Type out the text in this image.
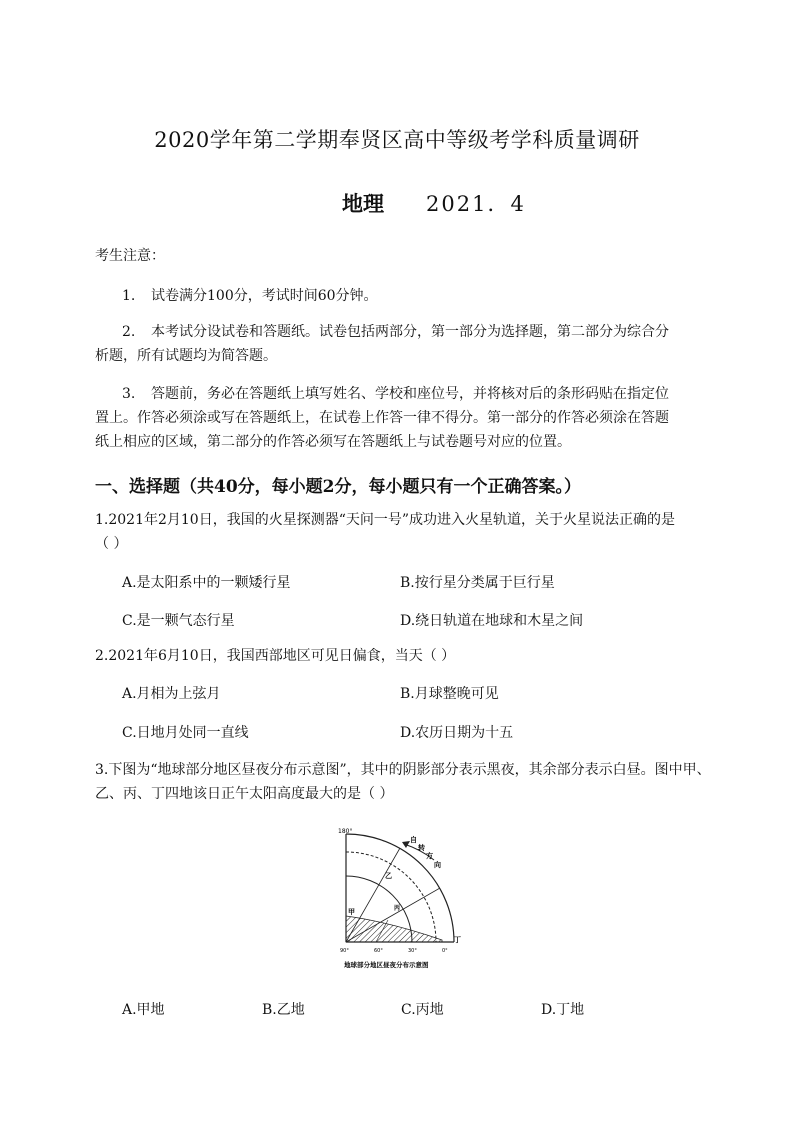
2020学年第二学期奉贤区高中等级考学科质量调研
地理 2021．4
考生注意：
1. 试卷满分100分，考试时间60分钟。
2. 本考试分设试卷和答题纸。试卷包括两部分，第一部分为选择题，第二部分为综合分
析题，所有试题均为简答题。
3. 答题前，务必在答题纸上填写姓名、学校和座位号，并将核对后的条形码贴在指定位
置上。作答必须涂或写在答题纸上，在试卷上作答一律不得分。第一部分的作答必须涂在答题
纸上相应的区域，第二部分的作答必须写在答题纸上与试卷题号对应的位置。
一、选择题（共40分，每小题2分，每小题只有一个正确答案。）
1.2021年2月10日，我国的火星探测器“天问一号”成功进入火星轨道，关于火星说法正确的是
（ ）
A.是太阳系中的一颗矮行星	B.按行星分类属于巨行星
C.是一颗气态行星	D.绕日轨道在地球和木星之间
2.2021年6月10日，我国西部地区可见日偏食，当天（ ）
A.月相为上弦月	B.月球整晚可见
C.日地月处同一直线	D.农历日期为十五
3.下图为“地球部分地区昼夜分布示意图”，其中的阴影部分表示黑夜，其余部分表示白昼。图中甲、
乙、丙、丁四地该日正午太阳高度最大的是（ ）
180°
自
转
方
向
乙
甲	丙
丁
90°	60°	30°	0°
地球部分地区昼夜分布示意图
A.甲地	B.乙地	C.丙地	D.丁地
